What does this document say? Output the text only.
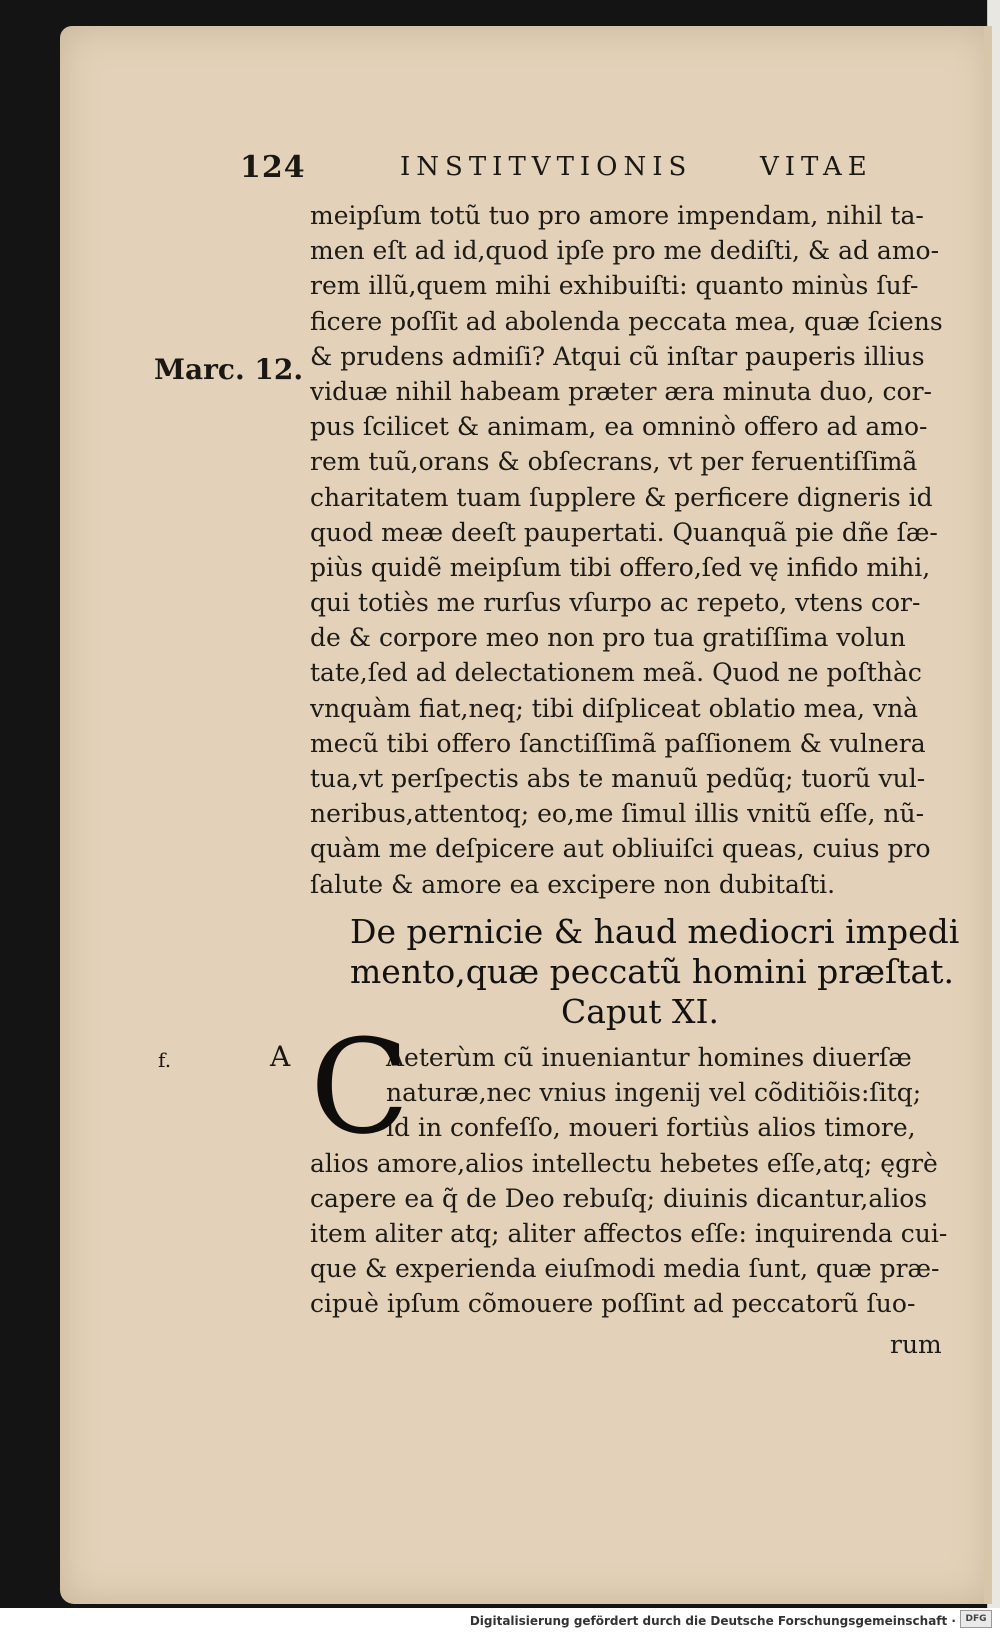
124	INSTITVTIONIS	VITAE
Marc. 12.
meipſum totũ tuo pro amore impendam, nihil ta-
men eſt ad id,quod ipſe pro me dediſti, & ad amo-
rem illũ,quem mihi exhibuiſti: quanto minùs ſuf-
ficere poſſit ad abolenda peccata mea, quæ ſciens
& prudens admiſi? Atqui cũ inſtar pauperis illius
viduæ nihil habeam præter æra minuta duo, cor-
pus ſcilicet & animam, ea omninò offero ad amo-
rem tuũ,orans & obſecrans, vt per feruentiſſimã
charitatem tuam ſupplere & perficere digneris id
quod meæ deeſt paupertati. Quanquã pie dñe ſæ-
piùs quidẽ meipſum tibi offero,ſed vę infido mihi,
qui totiès me rurſus vſurpo ac repeto, vtens cor-
de & corpore meo non pro tua gratiſſima volun
tate,ſed ad delectationem meã. Quod ne poſthàc
vnquàm fiat,neq; tibi diſpliceat oblatio mea, vnà
mecũ tibi offero ſanctiſſimã paſſionem & vulnera
tua,vt perſpectis abs te manuũ pedũq; tuorũ vul-
neribus,attentoq; eo,me ſimul illis vnitũ eſſe, nũ-
quàm me deſpicere aut obliuiſci queas, cuius pro
ſalute & amore ea excipere non dubitaſti.
De pernicie & haud mediocri impedi
mento,quæ peccatũ homini præſtat.
Caput XI.
f.	A C
Aeterùm cũ inueniantur homines diuerſæ
naturæ,nec vnius ingenij vel cõditiõis:ſitq;
id in confeſſo, moueri fortiùs alios timore,
alios amore,alios intellectu hebetes eſſe,atq; ęgrè
capere ea q̃ de Deo rebuſq; diuinis dicantur,alios
item aliter atq; aliter affectos eſſe: inquirenda cui-
que & experienda eiuſmodi media ſunt, quæ præ-
cipuè ipſum cõmouere poſſint ad peccatorũ ſuo-
rum
Digitalisierung gefördert durch die Deutsche Forschungsgemeinschaft ·	DFG
